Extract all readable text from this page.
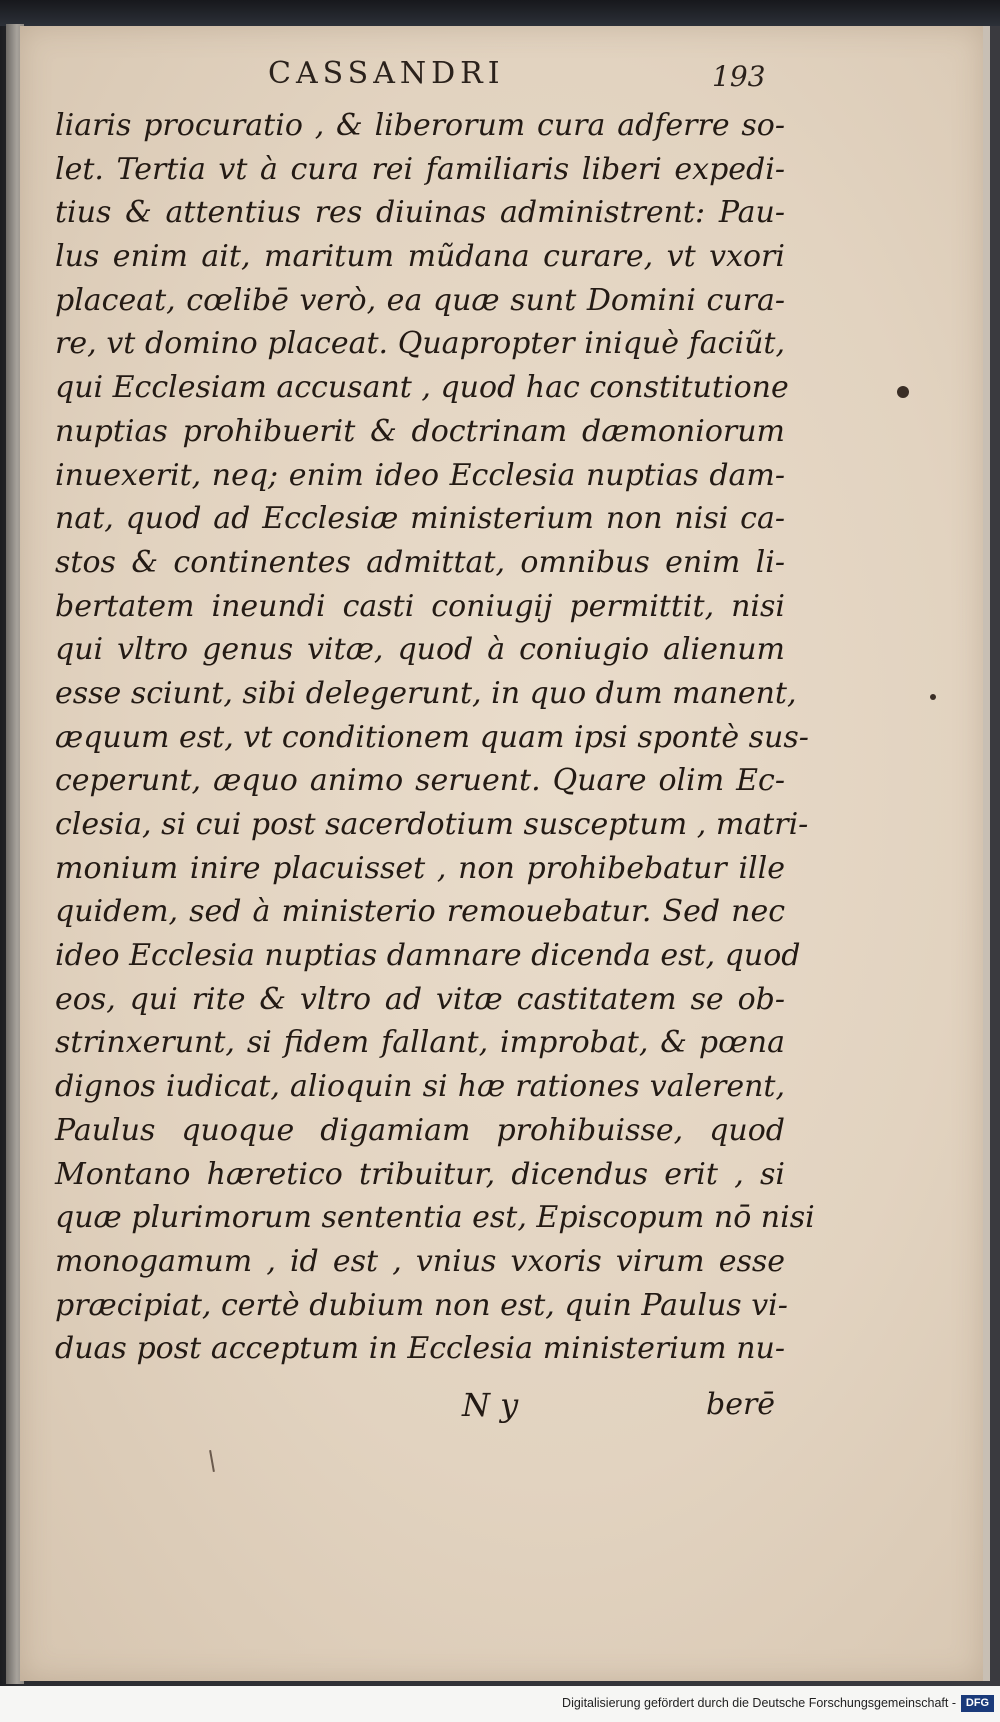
CASSANDRI	193
liaris procuratio , & liberorum cura adferre so-
let. Tertia vt à cura rei familiaris liberi expedi-
tius & attentius res diuinas administrent: Pau-
lus enim ait, maritum mũdana curare, vt vxori
placeat, cœlibē verò, ea quæ sunt Domini cura-
re, vt domino placeat. Quapropter iniquè faciũt,
qui Ecclesiam accusant , quod hac constitutione
nuptias prohibuerit & doctrinam dæmoniorum
inuexerit, neq; enim ideo Ecclesia nuptias dam-
nat, quod ad Ecclesiæ ministerium non nisi ca-
stos & continentes admittat, omnibus enim li-
bertatem ineundi casti coniugij permittit, nisi
qui vltro genus vitæ, quod à coniugio alienum
esse sciunt, sibi delegerunt, in quo dum manent,
æquum est, vt conditionem quam ipsi spontè sus-
ceperunt, æquo animo seruent. Quare olim Ec-
clesia, si cui post sacerdotium susceptum , matri-
monium inire placuisset , non prohibebatur ille
quidem, sed à ministerio remouebatur. Sed nec
ideo Ecclesia nuptias damnare dicenda est, quod
eos, qui rite & vltro ad vitæ castitatem se ob-
strinxerunt, si fidem fallant, improbat, & pœna
dignos iudicat, alioquin si hæ rationes valerent,
Paulus quoque digamiam prohibuisse, quod
Montano hæretico tribuitur, dicendus erit , si
quæ plurimorum sententia est, Episcopum nō nisi
monogamum , id est , vnius vxoris virum esse
præcipiat, certè dubium non est, quin Paulus vi-
duas post acceptum in Ecclesia ministerium nu-
N y	berē
Digitalisierung gefördert durch die Deutsche Forschungsgemeinschaft - DFG
